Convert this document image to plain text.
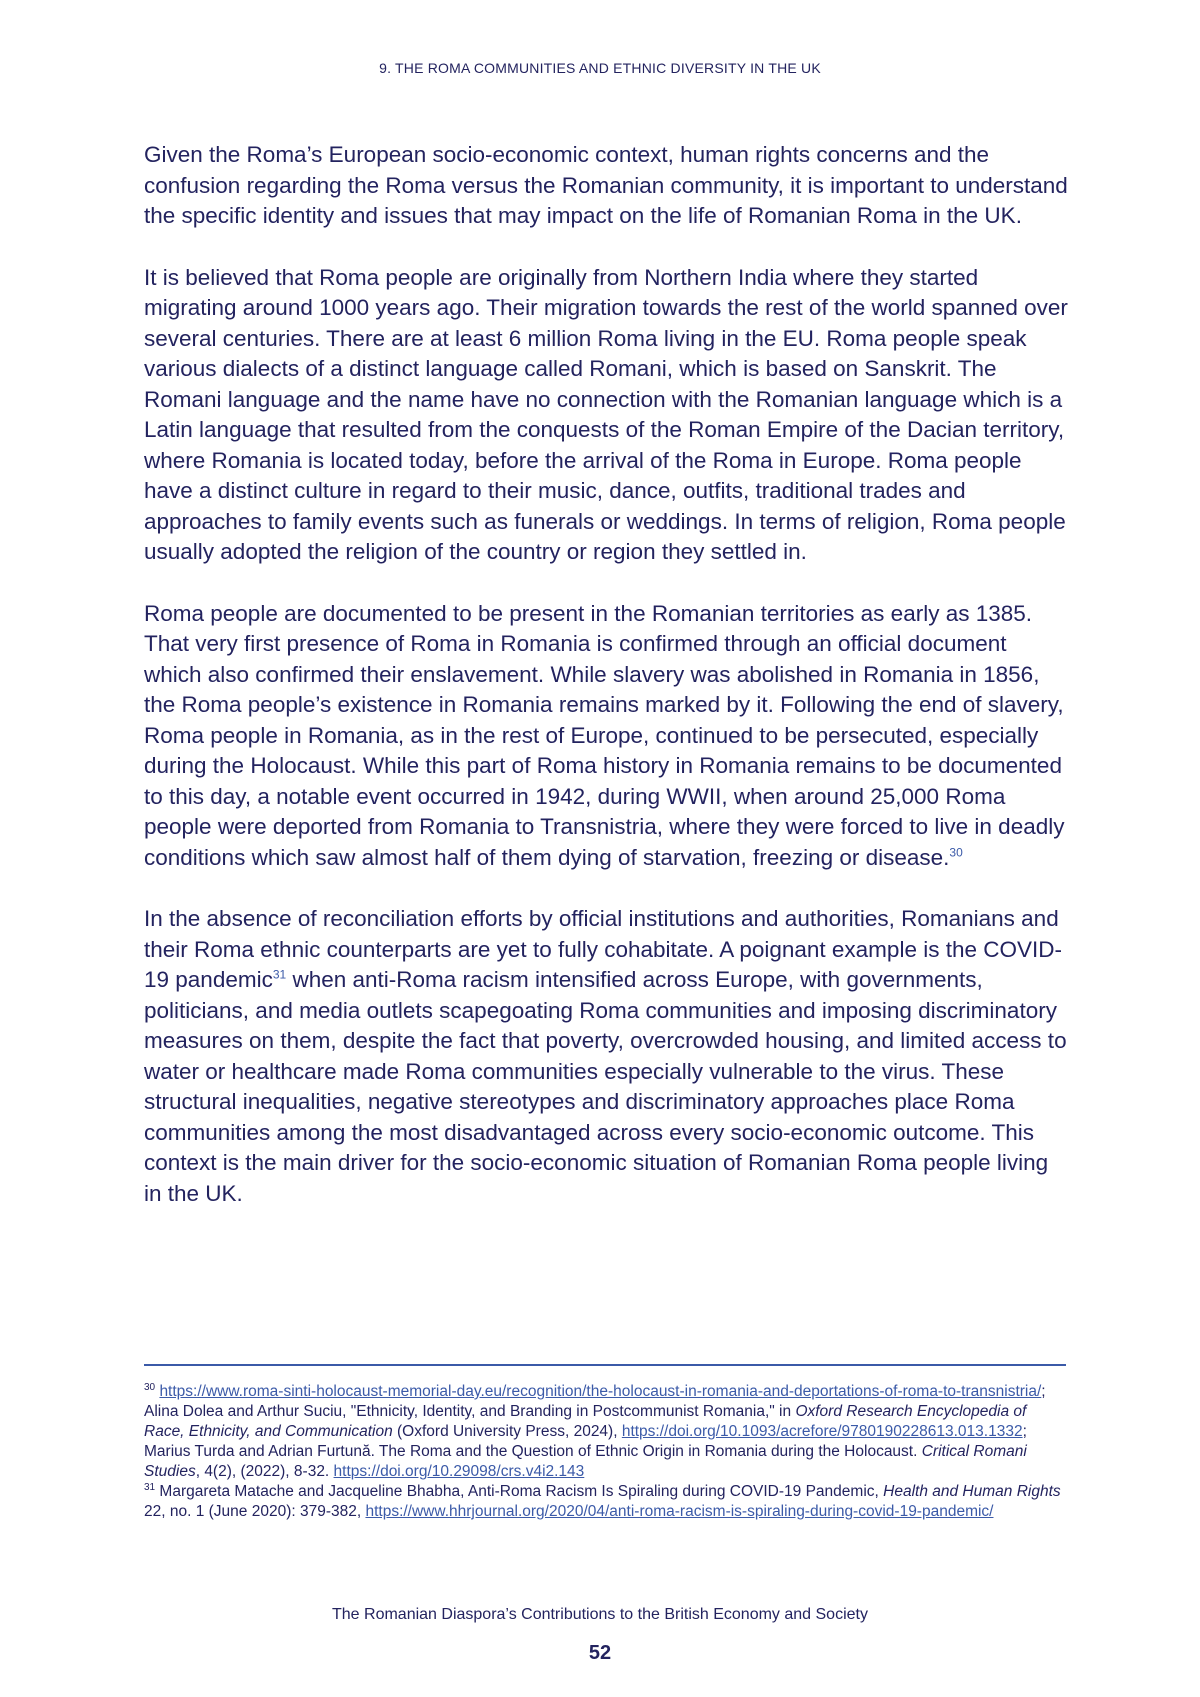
9. THE ROMA COMMUNITIES AND ETHNIC DIVERSITY IN THE UK

Given the Roma’s European socio-economic context, human rights concerns and the confusion regarding the Roma versus the Romanian community, it is important to understand the specific identity and issues that may impact on the life of Romanian Roma in the UK.

It is believed that Roma people are originally from Northern India where they started migrating around 1000 years ago. Their migration towards the rest of the world spanned over several centuries. There are at least 6 million Roma living in the EU. Roma people speak various dialects of a distinct language called Romani, which is based on Sanskrit. The Romani language and the name have no connection with the Romanian language which is a Latin language that resulted from the conquests of the Roman Empire of the Dacian territory, where Romania is located today, before the arrival of the Roma in Europe. Roma people have a distinct culture in regard to their music, dance, outfits, traditional trades and approaches to family events such as funerals or weddings. In terms of religion, Roma people usually adopted the religion of the country or region they settled in.

Roma people are documented to be present in the Romanian territories as early as 1385. That very first presence of Roma in Romania is confirmed through an official document which also confirmed their enslavement. While slavery was abolished in Romania in 1856, the Roma people’s existence in Romania remains marked by it. Following the end of slavery, Roma people in Romania, as in the rest of Europe, continued to be persecuted, especially during the Holocaust. While this part of Roma history in Romania remains to be documented to this day, a notable event occurred in 1942, during WWII, when around 25,000 Roma people were deported from Romania to Transnistria, where they were forced to live in deadly conditions which saw almost half of them dying of starvation, freezing or disease.$^{30}$

In the absence of reconciliation efforts by official institutions and authorities, Romanians and their Roma ethnic counterparts are yet to fully cohabitate. A poignant example is the COVID-19 pandemic$^{31}$ when anti-Roma racism intensified across Europe, with governments, politicians, and media outlets scapegoating Roma communities and imposing discriminatory measures on them, despite the fact that poverty, overcrowded housing, and limited access to water or healthcare made Roma communities especially vulnerable to the virus. These structural inequalities, negative stereotypes and discriminatory approaches place Roma communities among the most disadvantaged across every socio-economic outcome. This context is the main driver for the socio-economic situation of Romanian Roma people living in the UK.

$^{30}$ https://www.roma-sinti-holocaust-memorial-day.eu/recognition/the-holocaust-in-romania-and-deportations-of-roma-to-transnistria/; Alina Dolea and Arthur Suciu, "Ethnicity, Identity, and Branding in Postcommunist Romania," in Oxford Research Encyclopedia of Race, Ethnicity, and Communication (Oxford University Press, 2024), https://doi.org/10.1093/acrefore/9780190228613.013.1332; Marius Turda and Adrian Furtună. The Roma and the Question of Ethnic Origin in Romania during the Holocaust. Critical Romani Studies, 4(2), (2022), 8-32. https://doi.org/10.29098/crs.v4i2.143

$^{31}$ Margareta Matache and Jacqueline Bhabha, Anti-Roma Racism Is Spiraling during COVID-19 Pandemic, Health and Human Rights 22, no. 1 (June 2020): 379-382, https://www.hhrjournal.org/2020/04/anti-roma-racism-is-spiraling-during-covid-19-pandemic/

The Romanian Diaspora’s Contributions to the British Economy and Society
52
